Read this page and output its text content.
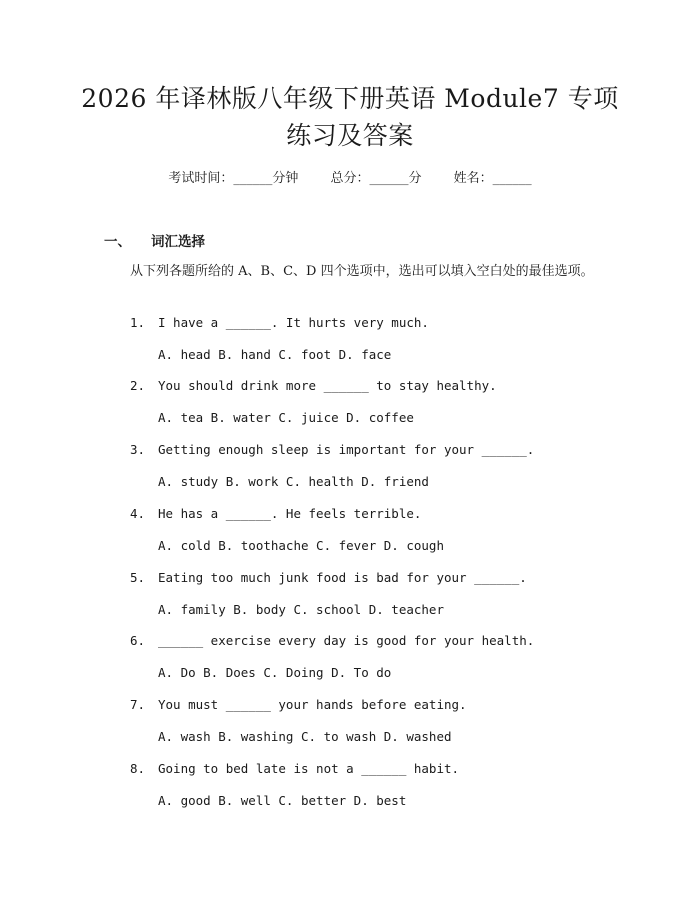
2026 年译林版八年级下册英语 Module7 专项
练习及答案
考试时间：______分钟 总分：______分 姓名：______
一、 词汇选择
从下列各题所给的 A、B、C、D 四个选项中，选出可以填入空白处的最佳选项。
1. I have a ______. It hurts very much.
A. head B. hand C. foot D. face
2. You should drink more ______ to stay healthy.
A. tea B. water C. juice D. coffee
3. Getting enough sleep is important for your ______.
A. study B. work C. health D. friend
4. He has a ______. He feels terrible.
A. cold B. toothache C. fever D. cough
5. Eating too much junk food is bad for your ______.
A. family B. body C. school D. teacher
6. ______ exercise every day is good for your health.
A. Do B. Does C. Doing D. To do
7. You must ______ your hands before eating.
A. wash B. washing C. to wash D. washed
8. Going to bed late is not a ______ habit.
A. good B. well C. better D. best
